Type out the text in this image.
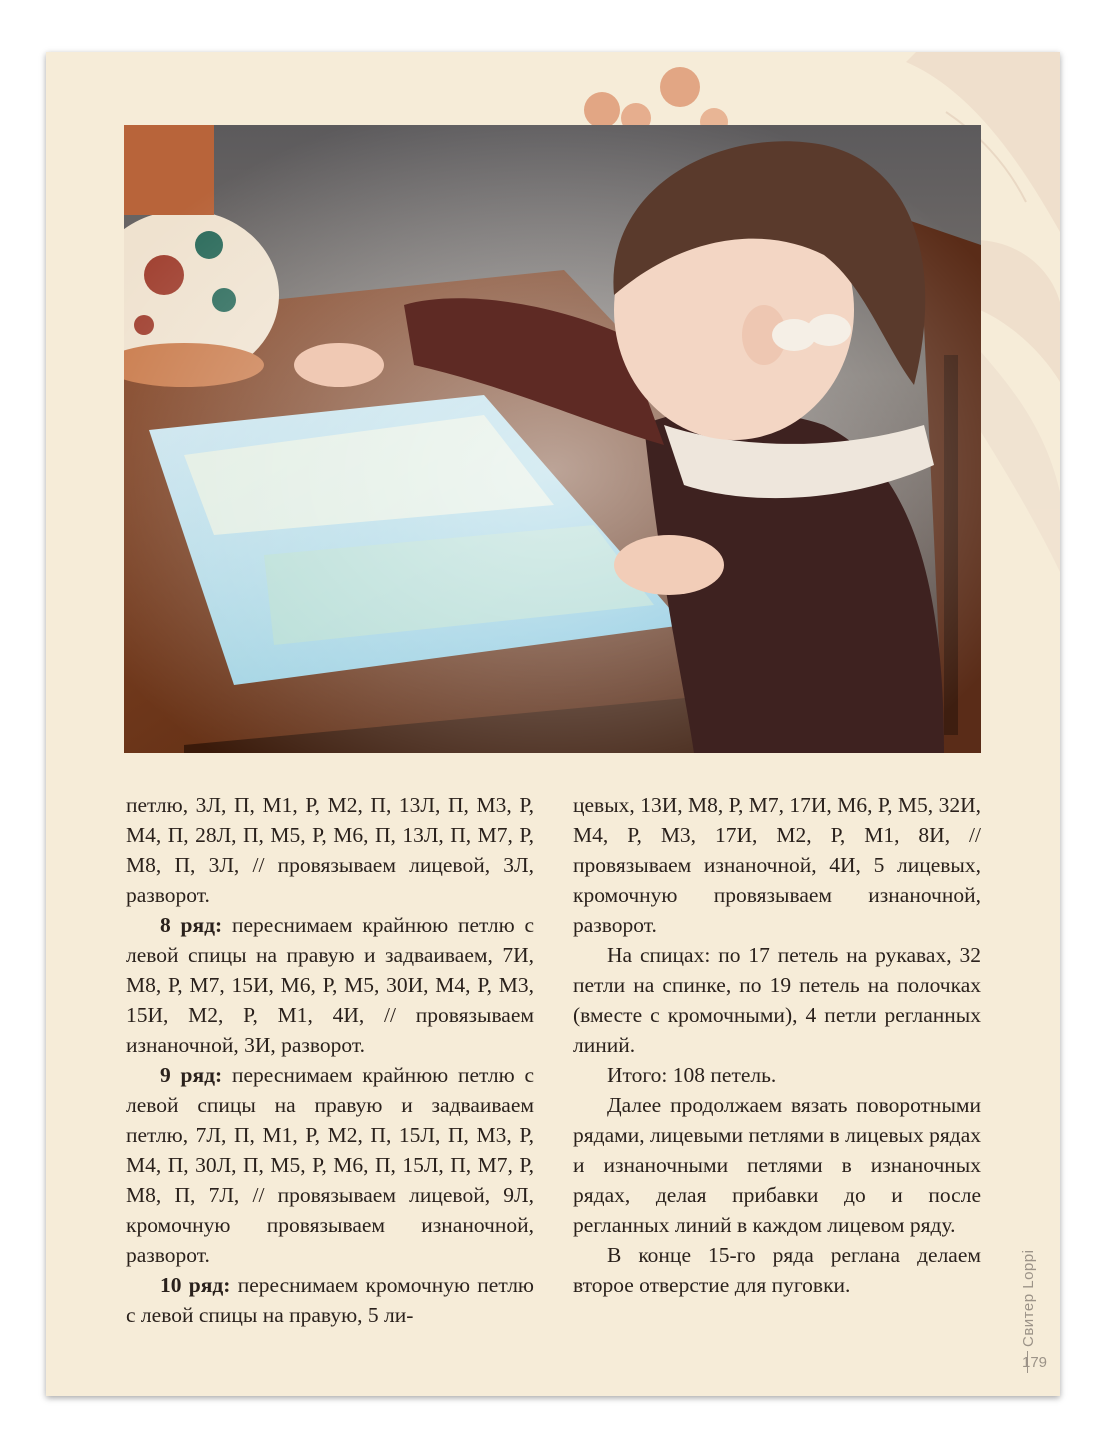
петлю, 3Л, П, М1, Р, М2, П, 13Л, П, М3, Р, М4, П, 28Л, П, М5, Р, М6, П, 13Л, П, М7, Р, М8, П, 3Л, // провязываем лицевой, 3Л, разворот.

8 ряд: переснимаем крайнюю петлю с левой спицы на правую и задваиваем, 7И, М8, Р, М7, 15И, М6, Р, М5, 30И, М4, Р, М3, 15И, М2, Р, М1, 4И, // провязываем изнаночной, 3И, разворот.

9 ряд: переснимаем крайнюю петлю с левой спицы на правую и задваиваем петлю, 7Л, П, М1, Р, М2, П, 15Л, П, М3, Р, М4, П, 30Л, П, М5, Р, М6, П, 15Л, П, М7, Р, М8, П, 7Л, // провязываем лицевой, 9Л, кромочную провязываем изнаночной, разворот.

10 ряд: переснимаем кромочную петлю с левой спицы на правую, 5 ли-

цевых, 13И, М8, Р, М7, 17И, М6, Р, М5, 32И, М4, Р, М3, 17И, М2, Р, М1, 8И, // провязываем изнаночной, 4И, 5 лицевых, кромочную провязываем изнаночной, разворот.

На спицах: по 17 петель на рукавах, 32 петли на спинке, по 19 петель на полочках (вместе с кромочными), 4 петли регланных линий.

Итого: 108 петель.

Далее продолжаем вязать поворотными рядами, лицевыми петлями в лицевых рядах и изнаночными петлями в изнаночных рядах, делая прибавки до и после регланных линий в каждом лицевом ряду.

В конце 15-го ряда реглана делаем второе отверстие для пуговки.	Свитер Loppi
179
